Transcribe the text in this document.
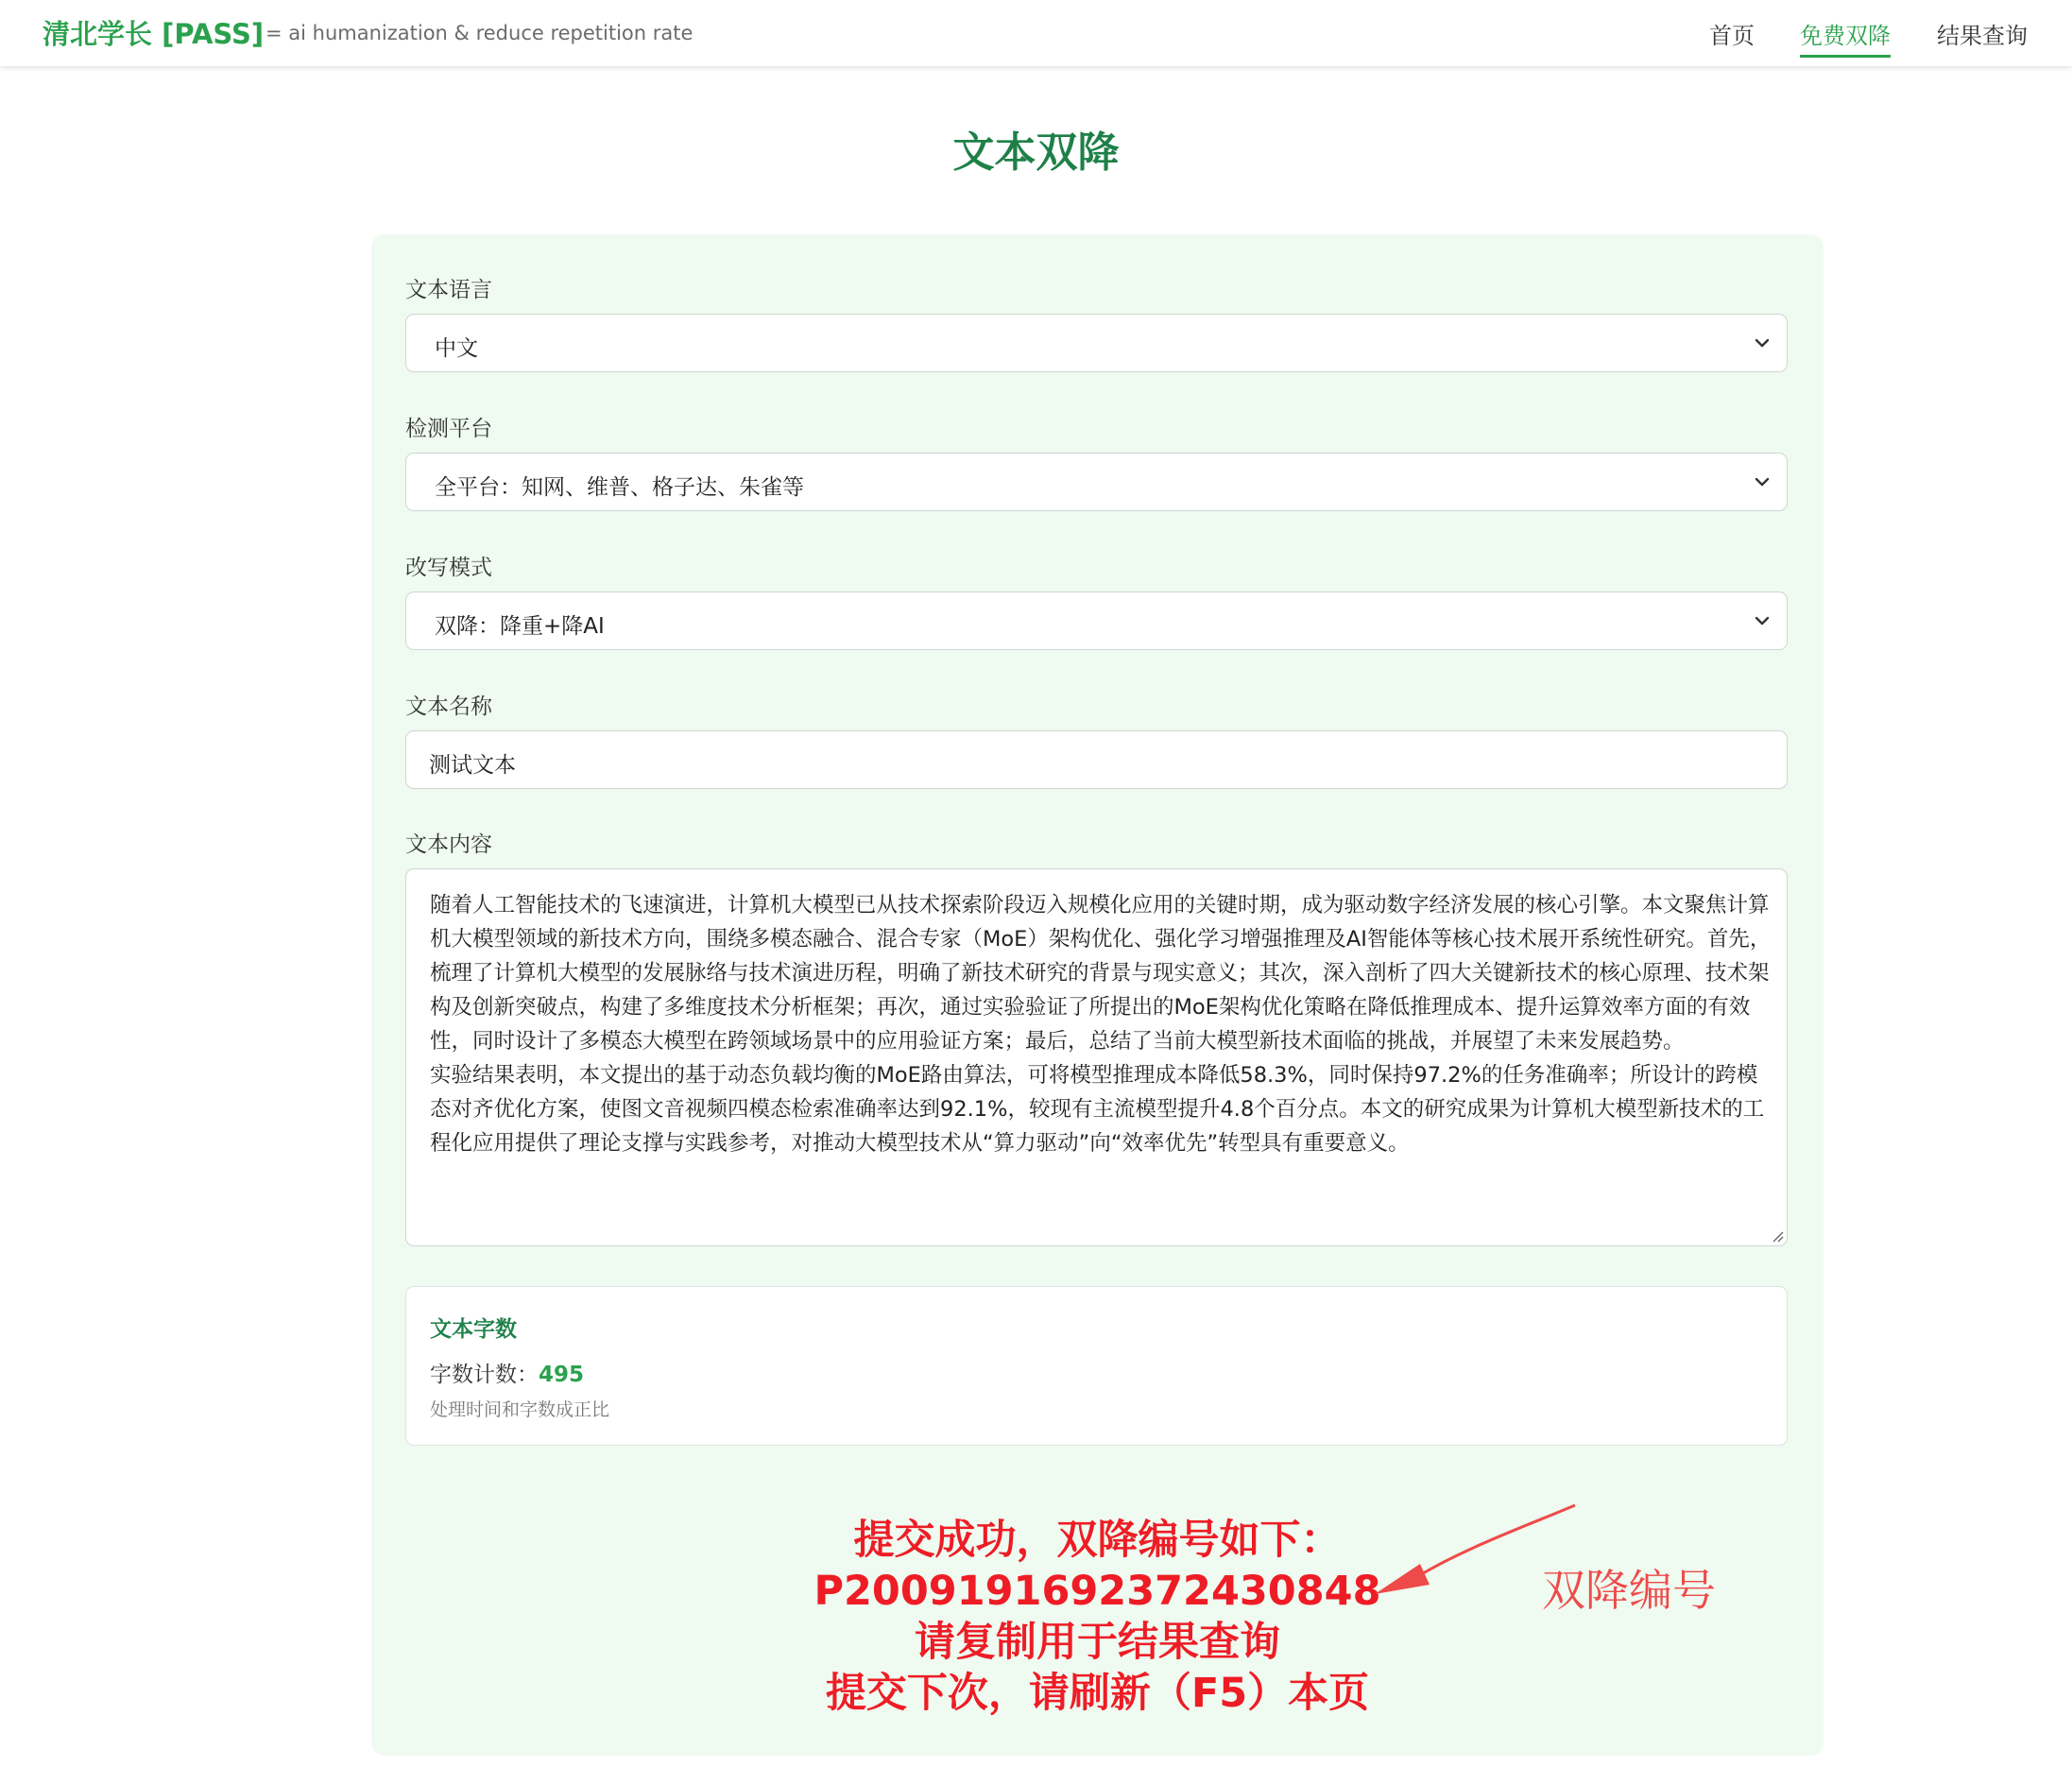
清北学长 [PASS] = ai humanization & reduce repetition rate	首页 免费双降 结果查询
文本双降
文本语言
中文
检测平台
全平台：知网、维普、格子达、朱雀等
改写模式
双降：降重+降AI
文本名称
测试文本
文本内容
随着人工智能技术的飞速演进，计算机大模型已从技术探索阶段迈入规模化应用的关键时期，成为驱动数字经济发展的核心引擎。本文聚焦计算机大模型领域的新技术方向，围绕多模态融合、混合专家（MoE）架构优化、强化学习增强推理及AI智能体等核心技术展开系统性研究。首先，梳理了计算机大模型的发展脉络与技术演进历程，明确了新技术研究的背景与现实意义；其次，深入剖析了四大关键新技术的核心原理、技术架构及创新突破点，构建了多维度技术分析框架；再次，通过实验验证了所提出的MoE架构优化策略在降低推理成本、提升运算效率方面的有效性，同时设计了多模态大模型在跨领域场景中的应用验证方案；最后，总结了当前大模型新技术面临的挑战，并展望了未来发展趋势。
实验结果表明，本文提出的基于动态负载均衡的MoE路由算法，可将模型推理成本降低58.3%，同时保持97.2%的任务准确率；所设计的跨模态对齐优化方案，使图文音视频四模态检索准确率达到92.1%，较现有主流模型提升4.8个百分点。本文的研究成果为计算机大模型新技术的工程化应用提供了理论支撑与实践参考，对推动大模型技术从“算力驱动”向“效率优先”转型具有重要意义。
文本字数
字数计数：495
处理时间和字数成正比
提交成功，双降编号如下：
P2009191692372430848
请复制用于结果查询
提交下次，请刷新（F5）本页
双降编号
